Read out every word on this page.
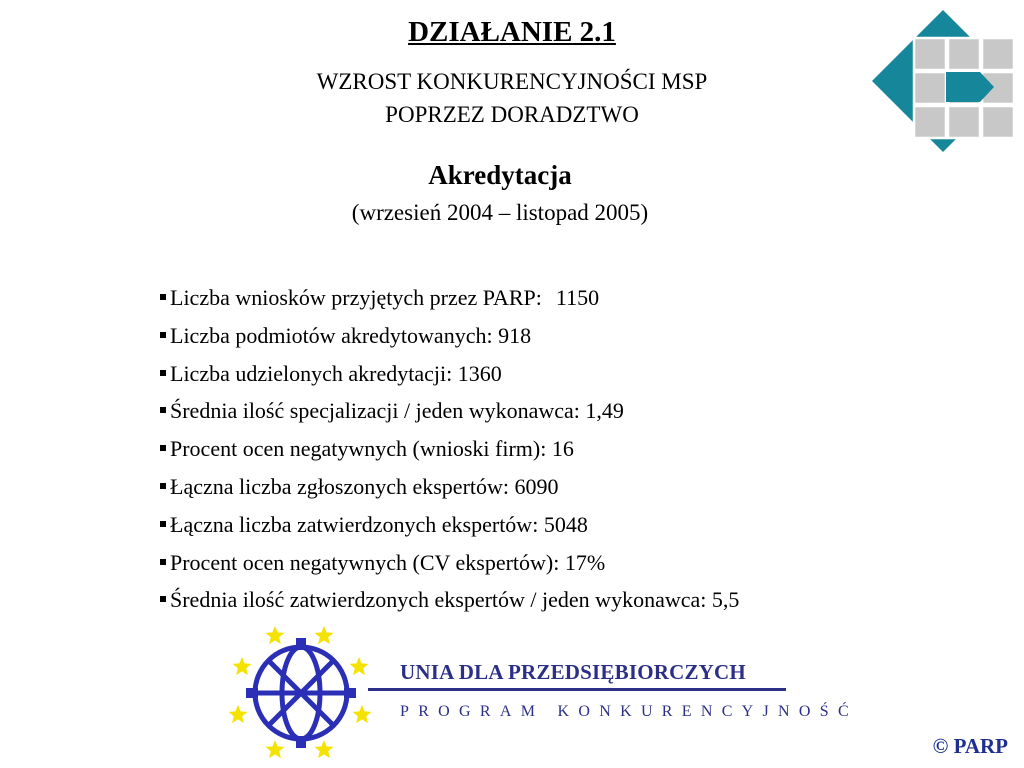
DZIAŁANIE 2.1
WZROST KONKURENCYJNOŚCI MSP
POPRZEZ DORADZTWO
Akredytacja
(wrzesień 2004 – listopad 2005)
Liczba wniosków przyjętych przez PARP: 1150
Liczba podmiotów akredytowanych: 918
Liczba udzielonych akredytacji: 1360
Średnia ilość specjalizacji / jeden wykonawca: 1,49
Procent ocen negatywnych (wnioski firm): 16
Łączna liczba zgłoszonych ekspertów: 6090
Łączna liczba zatwierdzonych ekspertów: 5048
Procent ocen negatywnych (CV ekspertów): 17%
Średnia ilość zatwierdzonych ekspertów / jeden wykonawca: 5,5
UNIA DLA PRZEDSIĘBIORCZYCH
PROGRAM KONKURENCYJNOŚĆ
© PARP
